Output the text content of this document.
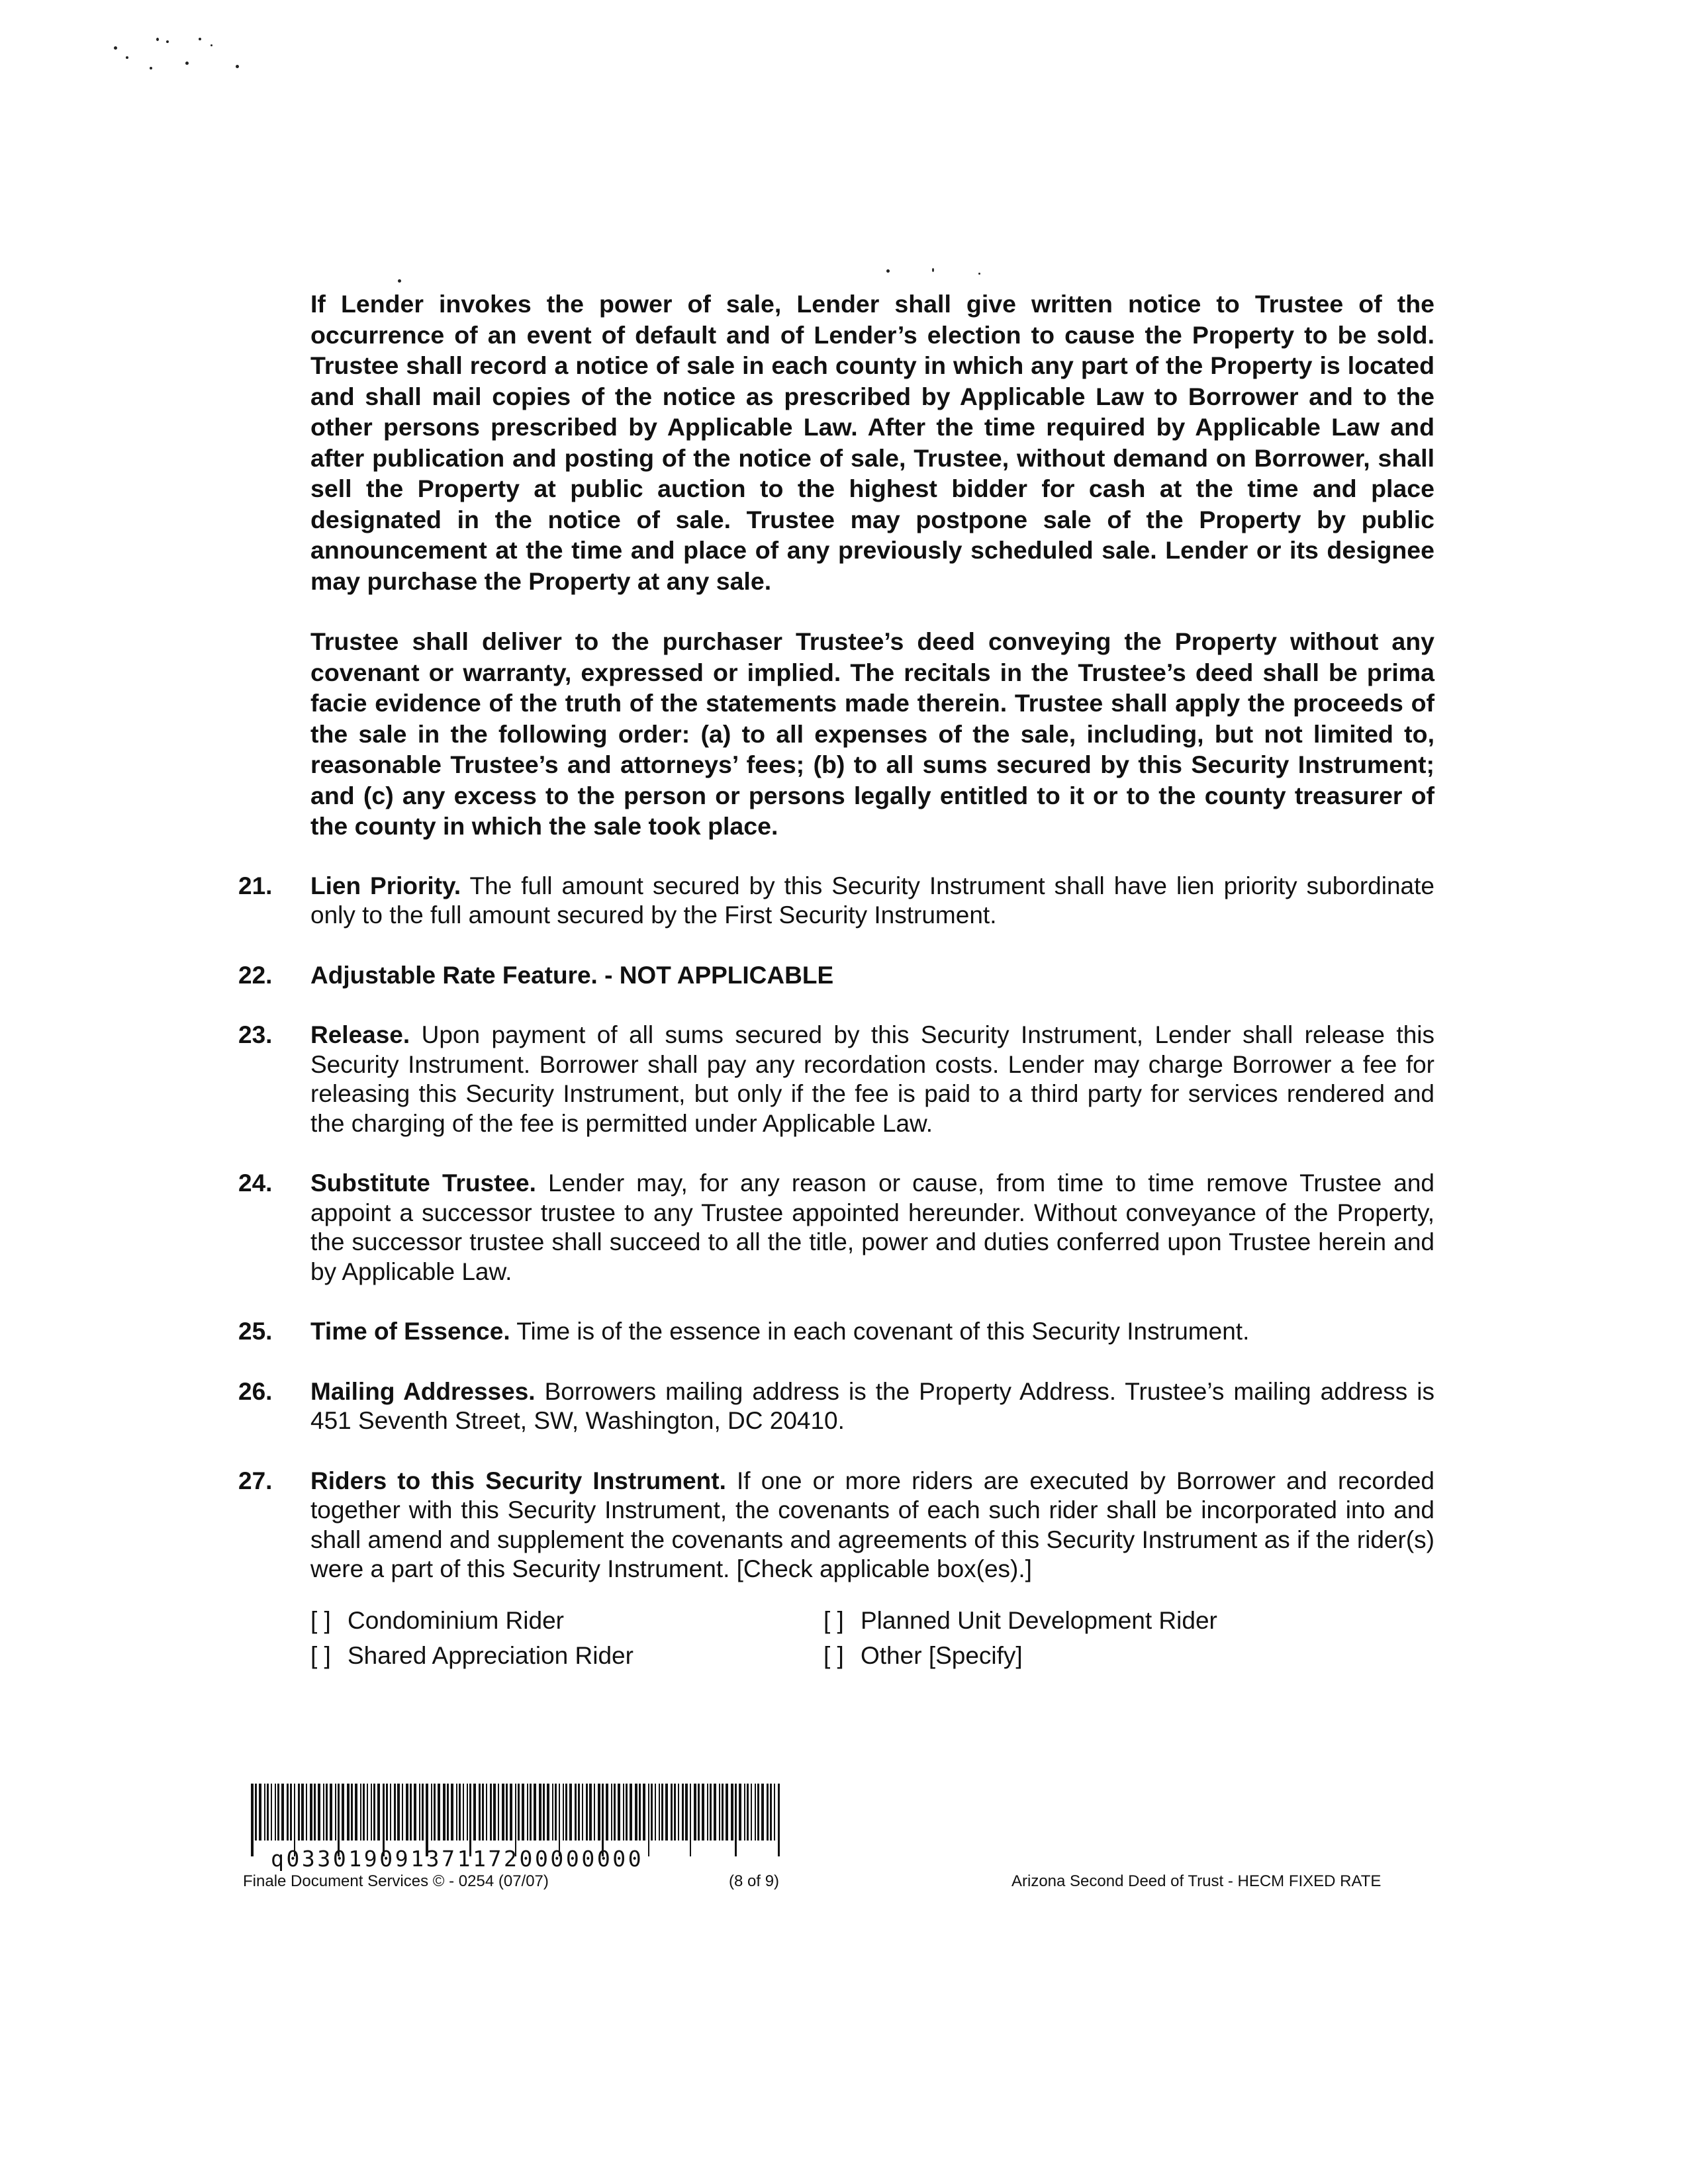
If Lender invokes the power of sale, Lender shall give written notice to Trustee of the occurrence of an event of default and of Lender’s election to cause the Property to be sold. Trustee shall record a notice of sale in each county in which any part of the Property is located and shall mail copies of the notice as prescribed by Applicable Law to Borrower and to the other persons prescribed by Applicable Law. After the time required by Applicable Law and after publication and posting of the notice of sale, Trustee, without demand on Borrower, shall sell the Property at public auction to the highest bidder for cash at the time and place designated in the notice of sale. Trustee may postpone sale of the Property by public announcement at the time and place of any previously scheduled sale. Lender or its designee may purchase the Property at any sale.

Trustee shall deliver to the purchaser Trustee’s deed conveying the Property without any covenant or warranty, expressed or implied. The recitals in the Trustee’s deed shall be prima facie evidence of the truth of the statements made therein. Trustee shall apply the proceeds of the sale in the following order: (a) to all expenses of the sale, including, but not limited to, reasonable Trustee’s and attorneys’ fees; (b) to all sums secured by this Security Instrument; and (c) any excess to the person or persons legally entitled to it or to the county treasurer of the county in which the sale took place.

21. Lien Priority. The full amount secured by this Security Instrument shall have lien priority subordinate only to the full amount secured by the First Security Instrument.
22. Adjustable Rate Feature. - NOT APPLICABLE
23. Release. Upon payment of all sums secured by this Security Instrument, Lender shall release this Security Instrument. Borrower shall pay any recordation costs. Lender may charge Borrower a fee for releasing this Security Instrument, but only if the fee is paid to a third party for services rendered and the charging of the fee is permitted under Applicable Law.
24. Substitute Trustee. Lender may, for any reason or cause, from time to time remove Trustee and appoint a successor trustee to any Trustee appointed hereunder. Without conveyance of the Property, the successor trustee shall succeed to all the title, power and duties conferred upon Trustee herein and by Applicable Law.
25. Time of Essence. Time is of the essence in each covenant of this Security Instrument.
26. Mailing Addresses. Borrowers mailing address is the Property Address. Trustee’s mailing address is 451 Seventh Street, SW, Washington, DC 20410.
27. Riders to this Security Instrument. If one or more riders are executed by Borrower and recorded together with this Security Instrument, the covenants of each such rider shall be incorporated into and shall amend and supplement the covenants and agreements of this Security Instrument as if the rider(s) were a part of this Security Instrument. [Check applicable box(es).]
[ ] Condominium Rider
[ ] Shared Appreciation Rider
[ ] Planned Unit Development Rider
[ ] Other [Specify]
q03301909137117200000000
Finale Document Services © - 0254 (07/07)	(8 of 9)	Arizona Second Deed of Trust - HECM FIXED RATE
